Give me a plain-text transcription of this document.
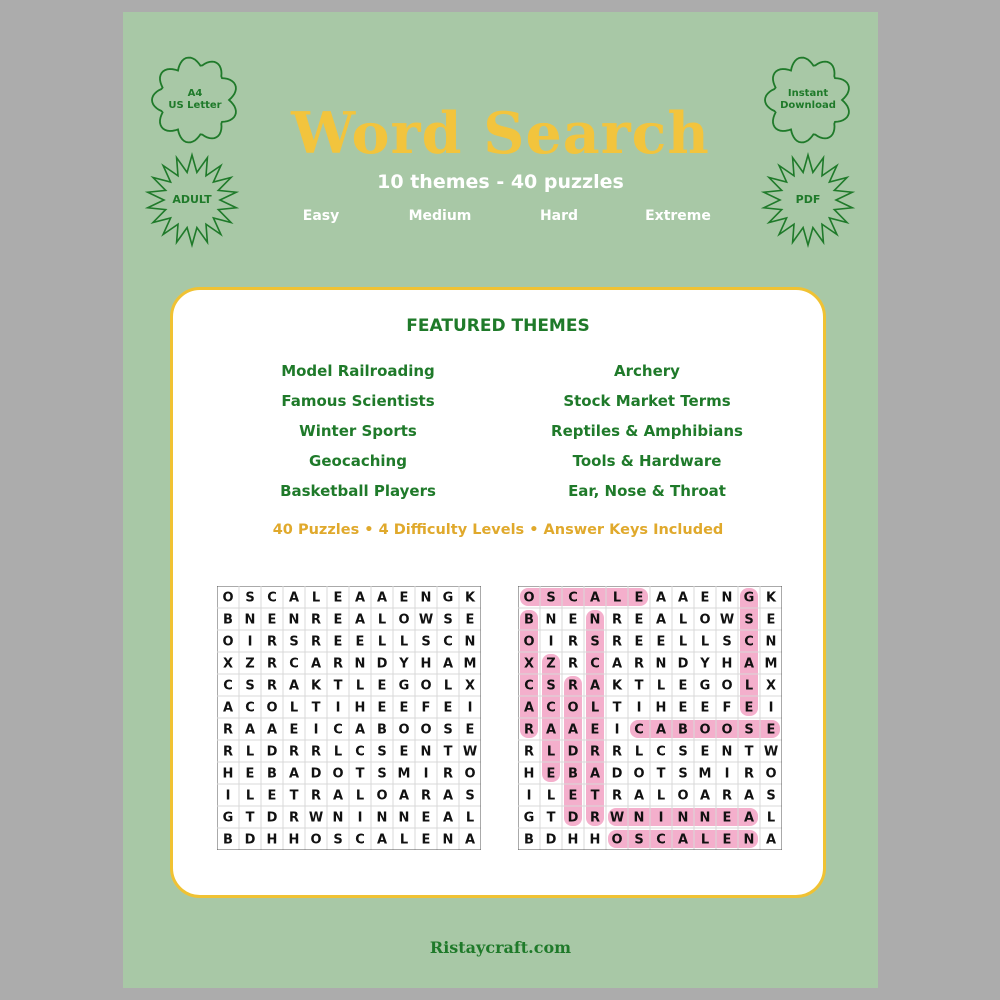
A4
US Letter
Instant
Download
ADULT	PDF
Word Search
10 themes - 40 puzzles
Easy	Medium	Hard	Extreme
FEATURED THEMES
Model Railroading
Famous Scientists
Winter Sports
Geocaching
Basketball Players
Archery
Stock Market Terms
Reptiles & Amphibians
Tools & Hardware
Ear, Nose & Throat
40 Puzzles • 4 Difficulty Levels • Answer Keys Included
O S C A L E A A E N G K
B N E N R E A L O W S E
O I R S R E E L L S C N
X Z R C A R N D Y H A M
C S R A K T L E G O L X
A C O L T I H E E F E I
R A A E I C A B O O S E
R L D R R L C S E N T W
H E B A D O T S M I R O
I L E T R A L O A R A S
G T D R W N I N N E A L
B D H H O S C A L E N A
O S C A L E A A E N G K
B N E N R E A L O W S E
O I R S R E E L L S C N
X Z R C A R N D Y H A M
C S R A K T L E G O L X
A C O L T I H E E F E I
R A A E I C A B O O S E
R L D R R L C S E N T W
H E B A D O T S M I R O
I L E T R A L O A R A S
G T D R W N I N N E A L
B D H H O S C A L E N A
Ristaycraft.com
